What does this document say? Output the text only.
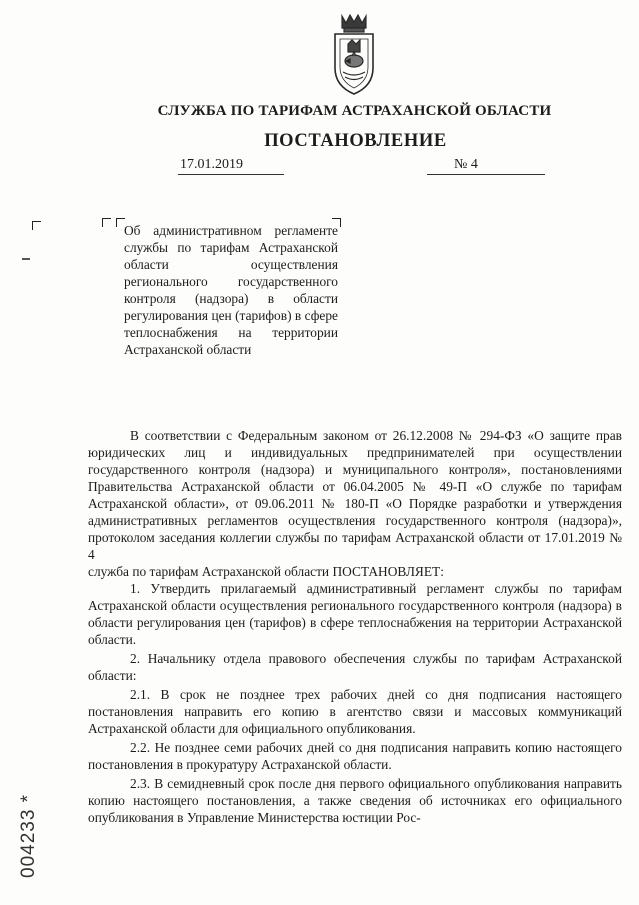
СЛУЖБА ПО ТАРИФАМ АСТРАХАНСКОЙ ОБЛАСТИ
ПОСТАНОВЛЕНИЕ
17.01.2019	№ 4

Об административном регламенте службы по тарифам Астраханской области осуществления регионального государственного контроля (надзора) в области регулирования цен (тарифов) в сфере теплоснабжения на территории Астраханской области

В соответствии с Федеральным законом от 26.12.2008 № 294-ФЗ «О защите прав юридических лиц и индивидуальных предпринимателей при осуществлении государственного контроля (надзора) и муниципального контроля», постановлениями Правительства Астраханской области от 06.04.2005 № 49-П «О службе по тарифам Астраханской области», от 09.06.2011 № 180-П «О Порядке разработки и утверждения административных регламентов осуществления государственного контроля (надзора)», протоколом заседания коллегии службы по тарифам Астраханской области от 17.01.2019 № 4

служба по тарифам Астраханской области ПОСТАНОВЛЯЕТ:

1. Утвердить прилагаемый административный регламент службы по тарифам Астраханской области осуществления регионального государственного контроля (надзора) в области регулирования цен (тарифов) в сфере теплоснабжения на территории Астраханской области.

2. Начальнику отдела правового обеспечения службы по тарифам Астраханской области:

2.1. В срок не позднее трех рабочих дней со дня подписания настоящего постановления направить его копию в агентство связи и массовых коммуникаций Астраханской области для официального опубликования.

2.2. Не позднее семи рабочих дней со дня подписания направить копию настоящего постановления в прокуратуру Астраханской области.

2.3. В семидневный срок после дня первого официального опубликования направить копию настоящего постановления, а также сведения об источниках его официального опубликования в Управление Министерства юстиции Рос-

004233 *
